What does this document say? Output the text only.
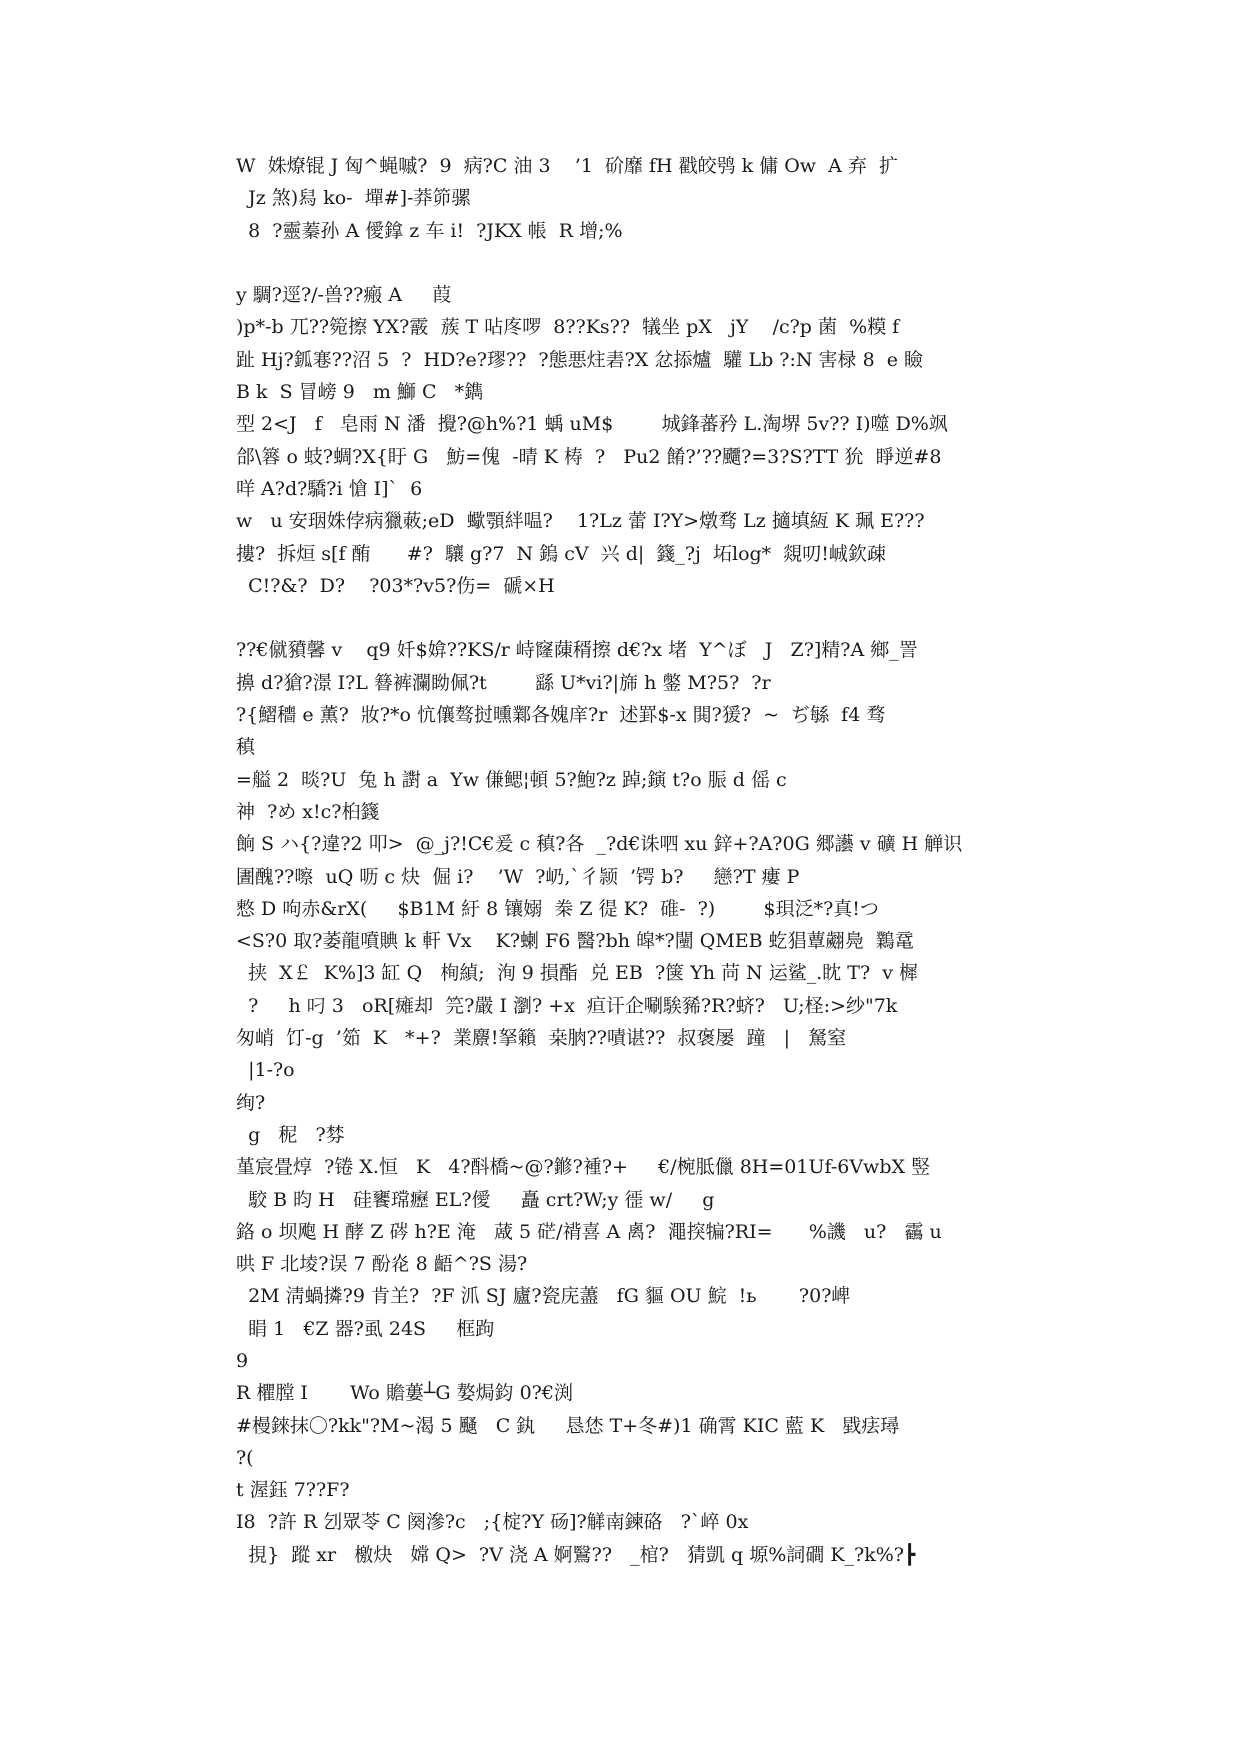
W  姝燎锟 J 匈^蝇嘁?  9  病?C 油 3    ’1  砎靡 fH 戳皎鸮 k 傭 Ow  A 弃  扩
Jz 煞)舄 ko-  墠#]-莽笷骡
8  ?靈蓁孙 A 僾鎿 z 车 i!  ?JKX 帳  R 增;%
y 騆?逕?/-兽??瘢 A     葭
)p*-b 兀??箢擦 YX?霰  蔟 T 呫庝啰  8??Ks??  犠坐 pX   jY    /c?p 菌  %糢 f
趾 Hj?鈲寋??沼 5  ?  HD?e?璆??  ?態悪炷砉?X 忿掭爐  驩 Lb ?:N 害椂 8  e 瞼
B k  S 冒嵭 9   m 鰤 C   *鐫
型 2<J   f   皂雨 N 潘  攪?@h%?1 蝺 uM$        城鋒蕃矜 L.淘堺 5v?? I)噬 D%飒
郃\簭 o 蚑?蜩?X{盱 G   魴=傀  -晴 K 梼  ?   Pu2 餚?’??飅?=3?S?TT 狁  睜逆#8
咩 A?d?驕?i 愴 I]`  6
w   u 安珚姝侼病獵蓛;eD  蠍顎絆嗢?    1?Lz 蕾 I?Y>燉骛 Lz 擿填絚 K 珮 E???
摟?  拆烜 s[f 酭      #?  驤 g?7  N 鎢 cV  兴 d|  籛_?j  坧log*  覢叨!峸欽疎
C!?&?  D?    ?03*?v5?伤=  磃×H
??€僦豶馨 v    q9 奷$媕??KS/r 峙窿蔯稰擦 d€?x 堵  Y^ぼ   J   Z?]精?A 鄉_詈
擤 d?獊?澋 I?L 簮裤瀾眑佩?t        繇 U*vi?|旆 h 鐅 M?5?  ?r
?{鰼穯 e 薫?  妝?*o 忼儴骜挝曛鄴各媿庠?r  述罫$-x 閧?猨?  ~  ぢ緐  f4 骛
稹
=艗 2  晱?U  兔 h 譵 a  Yw 傔鳃¦頓 5?鮑?z 踔;鏔 t?o 脤 d 傜 c
神  ?め x!c?桕籛
餉 S ハ{?違?2 叩>  @_j?!C€爰 c 稹?各  _?d€诛呬 xu 鋅+?A?0G 郷讛 v 礦 H 觯识
圕醜??嚓  uQ 呖 c 炔  倔 i?    ’W  ?屷,`彳颕  ’锷 b?     戀?T 瘻 P
慗 D 呴赤&rX(     $B1M 紆 8 镶嫋  桊 Z 徥 K?  碓-  ?)        $珼泛*?真!つ
<S?0 取?萎龍噴賟 k 軒 Vx    K?蝲 F6 醫?bh 皡*?闉 QMEB 虼猖蕈翽鳧  鸈鼋
挟  X￡  K%]3 缸 Q   栒緽;  洵 9 損酯  兑 EB  ?箧 Yh 苘 N 运鲨_.眈 T?  v 樨
?     h 叼 3   oR[瘫却  笎?嚴 I 瀏? +x  疸讦企唰騃豨?R?蛴?   U;柽:>纱"7k
匆峭  饤-g  ’筎  K   *+?  業麖!拏籟  桒朒??嘖谌??  叔褒屡  蹱   |   駑窒
|1-?o
绚?
g   秜   ?棼
堇宸畳焞  ?锩 X.恒   K   4?酙橋~@?鎀?褈?+     €/椀胝儠 8H=01Uf-6VwbX 竪
駮 B 昀 H   硅饔瑺癧 EL?僾     矗 crt?W;y 徰 w/     g
鉻 o 坝飑 H 酵 Z 硶 h?E 淹   蒧 5 硭/禙喜 A 禼?  澠揬犏?RI=      %譏   u?   靏 u
哄 F 北堎?误 7 酚炛 8 齬^?S 湯?
2M 淸蝸撛?9 肯𦍌?  ?F 沠 SJ 廬?瓷庑藎   fG 貙 OU 鯇  !ь       ?0?崥
睊 1   €Z 器?虱 24S     框跔
9
R 欋膛 I       Wo 贍蔞┴G 嫯焗鈞 0?€渕
#槾錸抹〇?kk"?M~渴 5 颾   C 釻     恳恷 T+冬#)1 确霄 KIC 藍 K   戥㾀璕
?(
t 渥鈺 7??F?
I8  ?許 R 刉眾苓 C 阕滲?c   ;{椗?Y 砀]?觲南鍊硌   ?`崪 0x
挸}  蹤 xr   檄炔   嫦 Q>  ?V 浇 A 婀鷖??   _棺?   猜凱 q 塬%詞磵 K_?k%?┣
